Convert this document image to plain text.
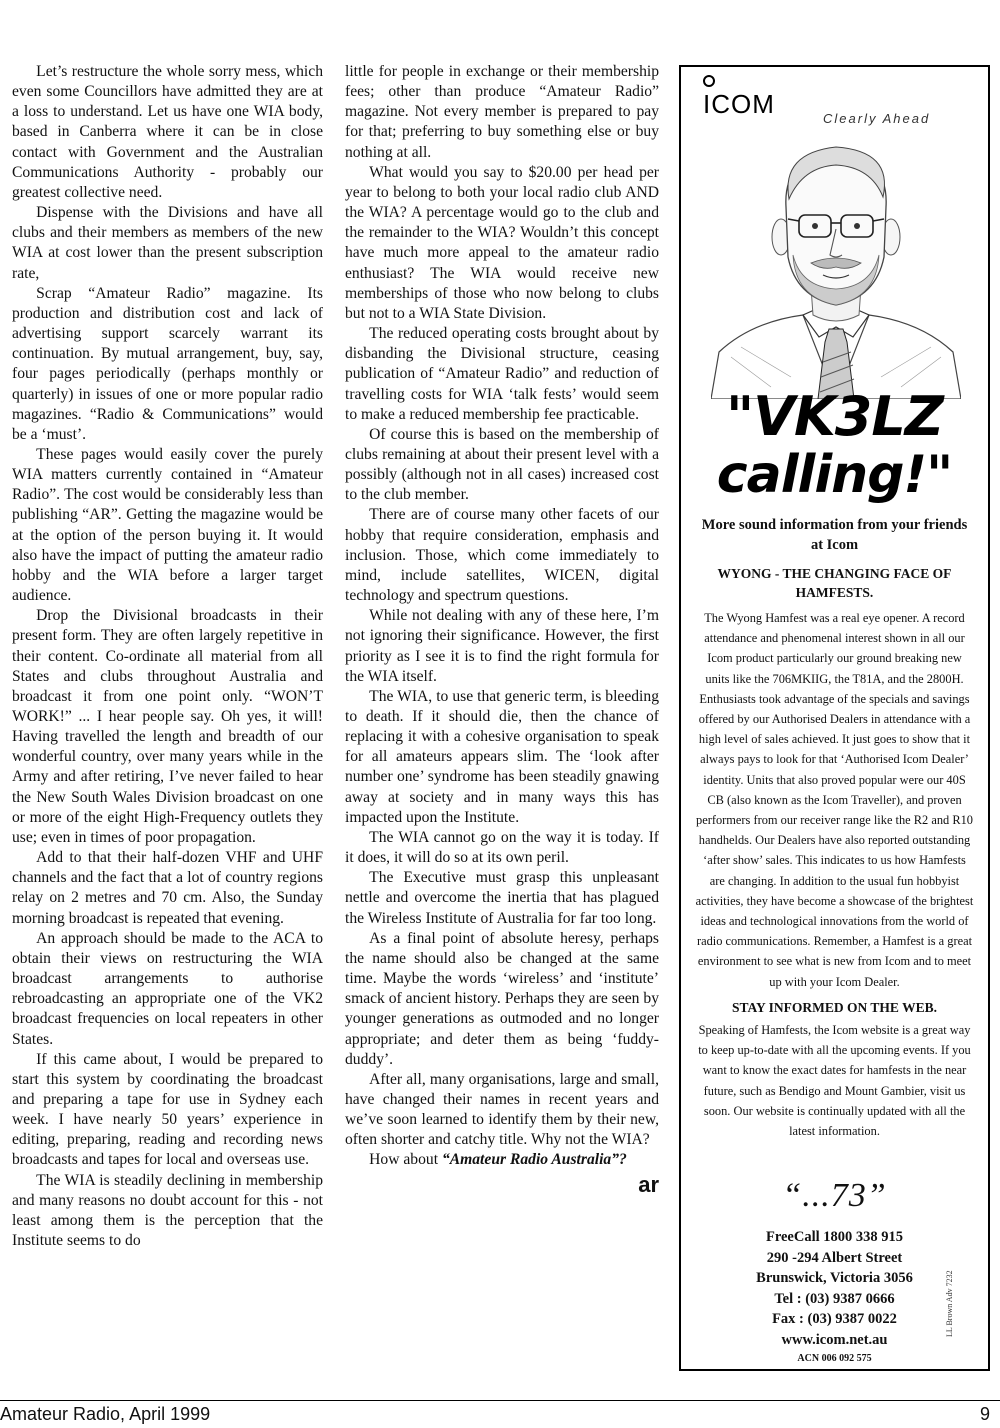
Let’s restructure the whole sorry mess, which even some Councillors have admitted they are at a loss to understand. Let us have one WIA body, based in Canberra where it can be in close contact with Government and the Australian Communications Authority - probably our greatest collective need.

Dispense with the Divisions and have all clubs and their members as members of the new WIA at cost lower than the present subscription rate,

Scrap “Amateur Radio” magazine. Its production and distribution cost and lack of advertising support scarcely warrant its continuation. By mutual arrangement, buy, say, four pages periodically (perhaps monthly or quarterly) in issues of one or more popular radio magazines. “Radio & Communications” would be a ‘must’.

These pages would easily cover the purely WIA matters currently contained in “Amateur Radio”. The cost would be considerably less than publishing “AR”. Getting the magazine would be at the option of the person buying it. It would also have the impact of putting the amateur radio hobby and the WIA before a larger target audience.

Drop the Divisional broadcasts in their present form. They are often largely repetitive in their content. Co-ordinate all material from all States and clubs throughout Australia and broadcast it from one point only. “WON’T WORK!” ... I hear people say. Oh yes, it will! Having travelled the length and breadth of our wonderful country, over many years while in the Army and after retiring, I’ve never failed to hear the New South Wales Division broadcast on one or more of the eight High-Frequency outlets they use; even in times of poor propagation.

Add to that their half-dozen VHF and UHF channels and the fact that a lot of country regions relay on 2 metres and 70 cm. Also, the Sunday morning broadcast is repeated that evening.

An approach should be made to the ACA to obtain their views on restructuring the WIA broadcast arrangements to authorise rebroadcasting an appropriate one of the VK2 broadcast frequencies on local repeaters in other States.

If this came about, I would be prepared to start this system by coordinating the broadcast and preparing a tape for use in Sydney each week. I have nearly 50 years’ experience in editing, preparing, reading and recording news broadcasts and tapes for local and overseas use.

The WIA is steadily declining in membership and many reasons no doubt account for this - not least among them is the perception that the Institute seems to do

little for people in exchange or their membership fees; other than produce “Amateur Radio” magazine. Not every member is prepared to pay for that; preferring to buy something else or buy nothing at all.

What would you say to $20.00 per head per year to belong to both your local radio club AND the WIA? A percentage would go to the club and the remainder to the WIA? Wouldn’t this concept have much more appeal to the amateur radio enthusiast? The WIA would receive new memberships of those who now belong to clubs but not to a WIA State Division.

The reduced operating costs brought about by disbanding the Divisional structure, ceasing publication of “Amateur Radio” and reduction of travelling costs for WIA ‘talk fests’ would seem to make a reduced membership fee practicable.

Of course this is based on the membership of clubs remaining at about their present level with a possibly (although not in all cases) increased cost to the club member.

There are of course many other facets of our hobby that require consideration, emphasis and inclusion. Those, which come immediately to mind, include satellites, WICEN, digital technology and spectrum questions.

While not dealing with any of these here, I’m not ignoring their significance. However, the first priority as I see it is to find the right formula for the WIA itself.

The WIA, to use that generic term, is bleeding to death. If it should die, then the chance of replacing it with a cohesive organisation to speak for all amateurs appears slim. The ‘look after number one’ syndrome has been steadily gnawing away at society and in many ways this has impacted upon the Institute.

The WIA cannot go on the way it is today. If it does, it will do so at its own peril.

The Executive must grasp this unpleasant nettle and overcome the inertia that has plagued the Wireless Institute of Australia for far too long.

As a final point of absolute heresy, perhaps the name should also be changed at the same time. Maybe the words ‘wireless’ and ‘institute’ smack of ancient history. Perhaps they are seen by younger generations as outmoded and no longer appropriate; and deter them as being ‘fuddy-duddy’.

After all, many organisations, large and small, have changed their names in recent years and we’ve soon learned to identify them by their new, often shorter and catchy title. Why not the WIA?

How about “Amateur Radio Australia”?

ar
ICOM	Clearly Ahead
"VK3LZ
calling!"
More sound information from your friends at Icom

WYONG - THE CHANGING FACE OF HAMFESTS.

The Wyong Hamfest was a real eye opener. A record attendance and phenomenal interest shown in all our Icom product particularly our ground breaking new units like the 706MKIIG, the T81A, and the 2800H. Enthusiasts took advantage of the specials and savings offered by our Authorised Dealers in attendance with a high level of sales achieved. It just goes to show that it always pays to look for that ‘Authorised Icom Dealer’ identity. Units that also proved popular were our 40S CB (also known as the Icom Traveller), and proven performers from our receiver range like the R2 and R10 handhelds. Our Dealers have also reported outstanding ‘after show’ sales. This indicates to us how Hamfests are changing. In addition to the usual fun hobbyist activities, they have become a showcase of the brightest ideas and technological innovations from the world of radio communications. Remember, a Hamfest is a great environment to see what is new from Icom and to meet up with your Icom Dealer.

STAY INFORMED ON THE WEB.

Speaking of Hamfests, the Icom website is a great way to keep up-to-date with all the upcoming events. If you want to know the exact dates for hamfests in the near future, such as Bendigo and Mount Gambier, visit us soon. Our website is continually updated with all the latest information.

“...73”
FreeCall 1800 338 915
290 -294 Albert Street
Brunswick, Victoria 3056
Tel : (03) 9387 0666
Fax : (03) 9387 0022
www.icom.net.au
ACN 006 092 575
LL Brown Adv 7232
Amateur Radio, April 1999	9
